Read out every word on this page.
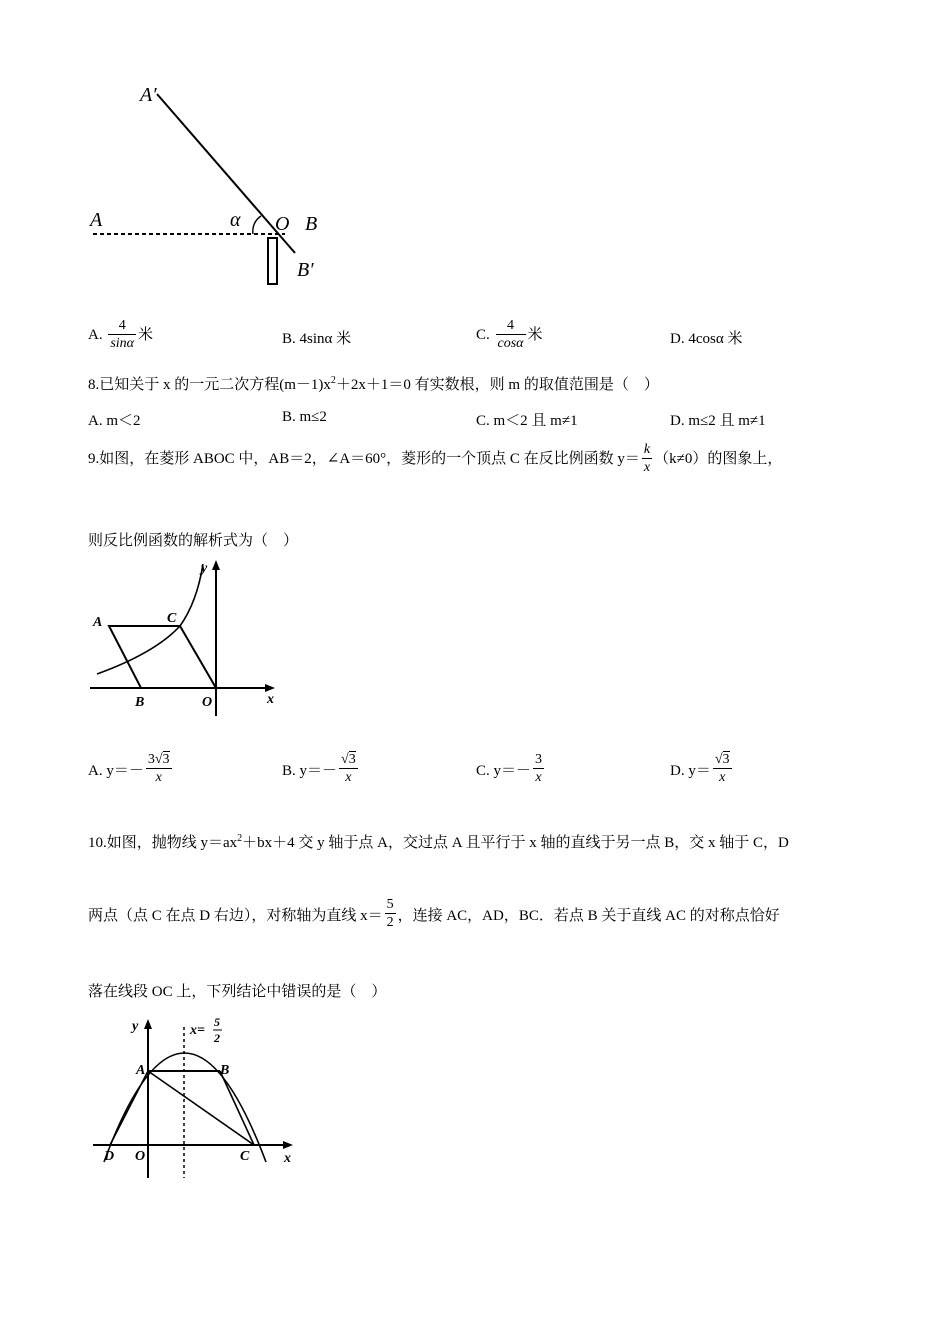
A′
A	α O B
B′
A. $\frac{4}{\sin\alpha}$ 米	B. 4sinα 米	C. $\frac{4}{\cos\alpha}$ 米	D. 4cosα 米
8.已知关于 x 的一元二次方程$(m-1)x^2+2x+1=0$ 有实数根，则 m 的取值范围是（　）
A. m＜2	B. m≤2	C. m＜2 且 m≠1	D. m≤2 且 m≠1
9.如图，在菱形 ABOC 中，AB＝2，∠A＝60°，菱形的一个顶点 C 在反比例函数 $y= \frac{k}{x} (k\ne 0)$的图象上，
则反比例函数的解析式为（　）
y
A	C
B	O	x
A. $y=- \frac{3√3}{x}$	B. $y=- \frac{√3}{x}$	C. $y=- \frac{3}{x}$	D. $y= \frac{√3}{x}$
10.如图，抛物线 $y=ax^2+bx+4$ 交 y 轴于点 A，交过点 A 且平行于 x 轴的直线于另一点 B，交 x 轴于 C，D
两点（点 C 在点 D 右边），对称轴为直线 $x= \frac{5}{2}$ ，连接 AC，AD，BC．若点 B 关于直线 AC 的对称点恰好
落在线段 OC 上，下列结论中错误的是（　）
y	x=
5
2
A	B
D O	C x
